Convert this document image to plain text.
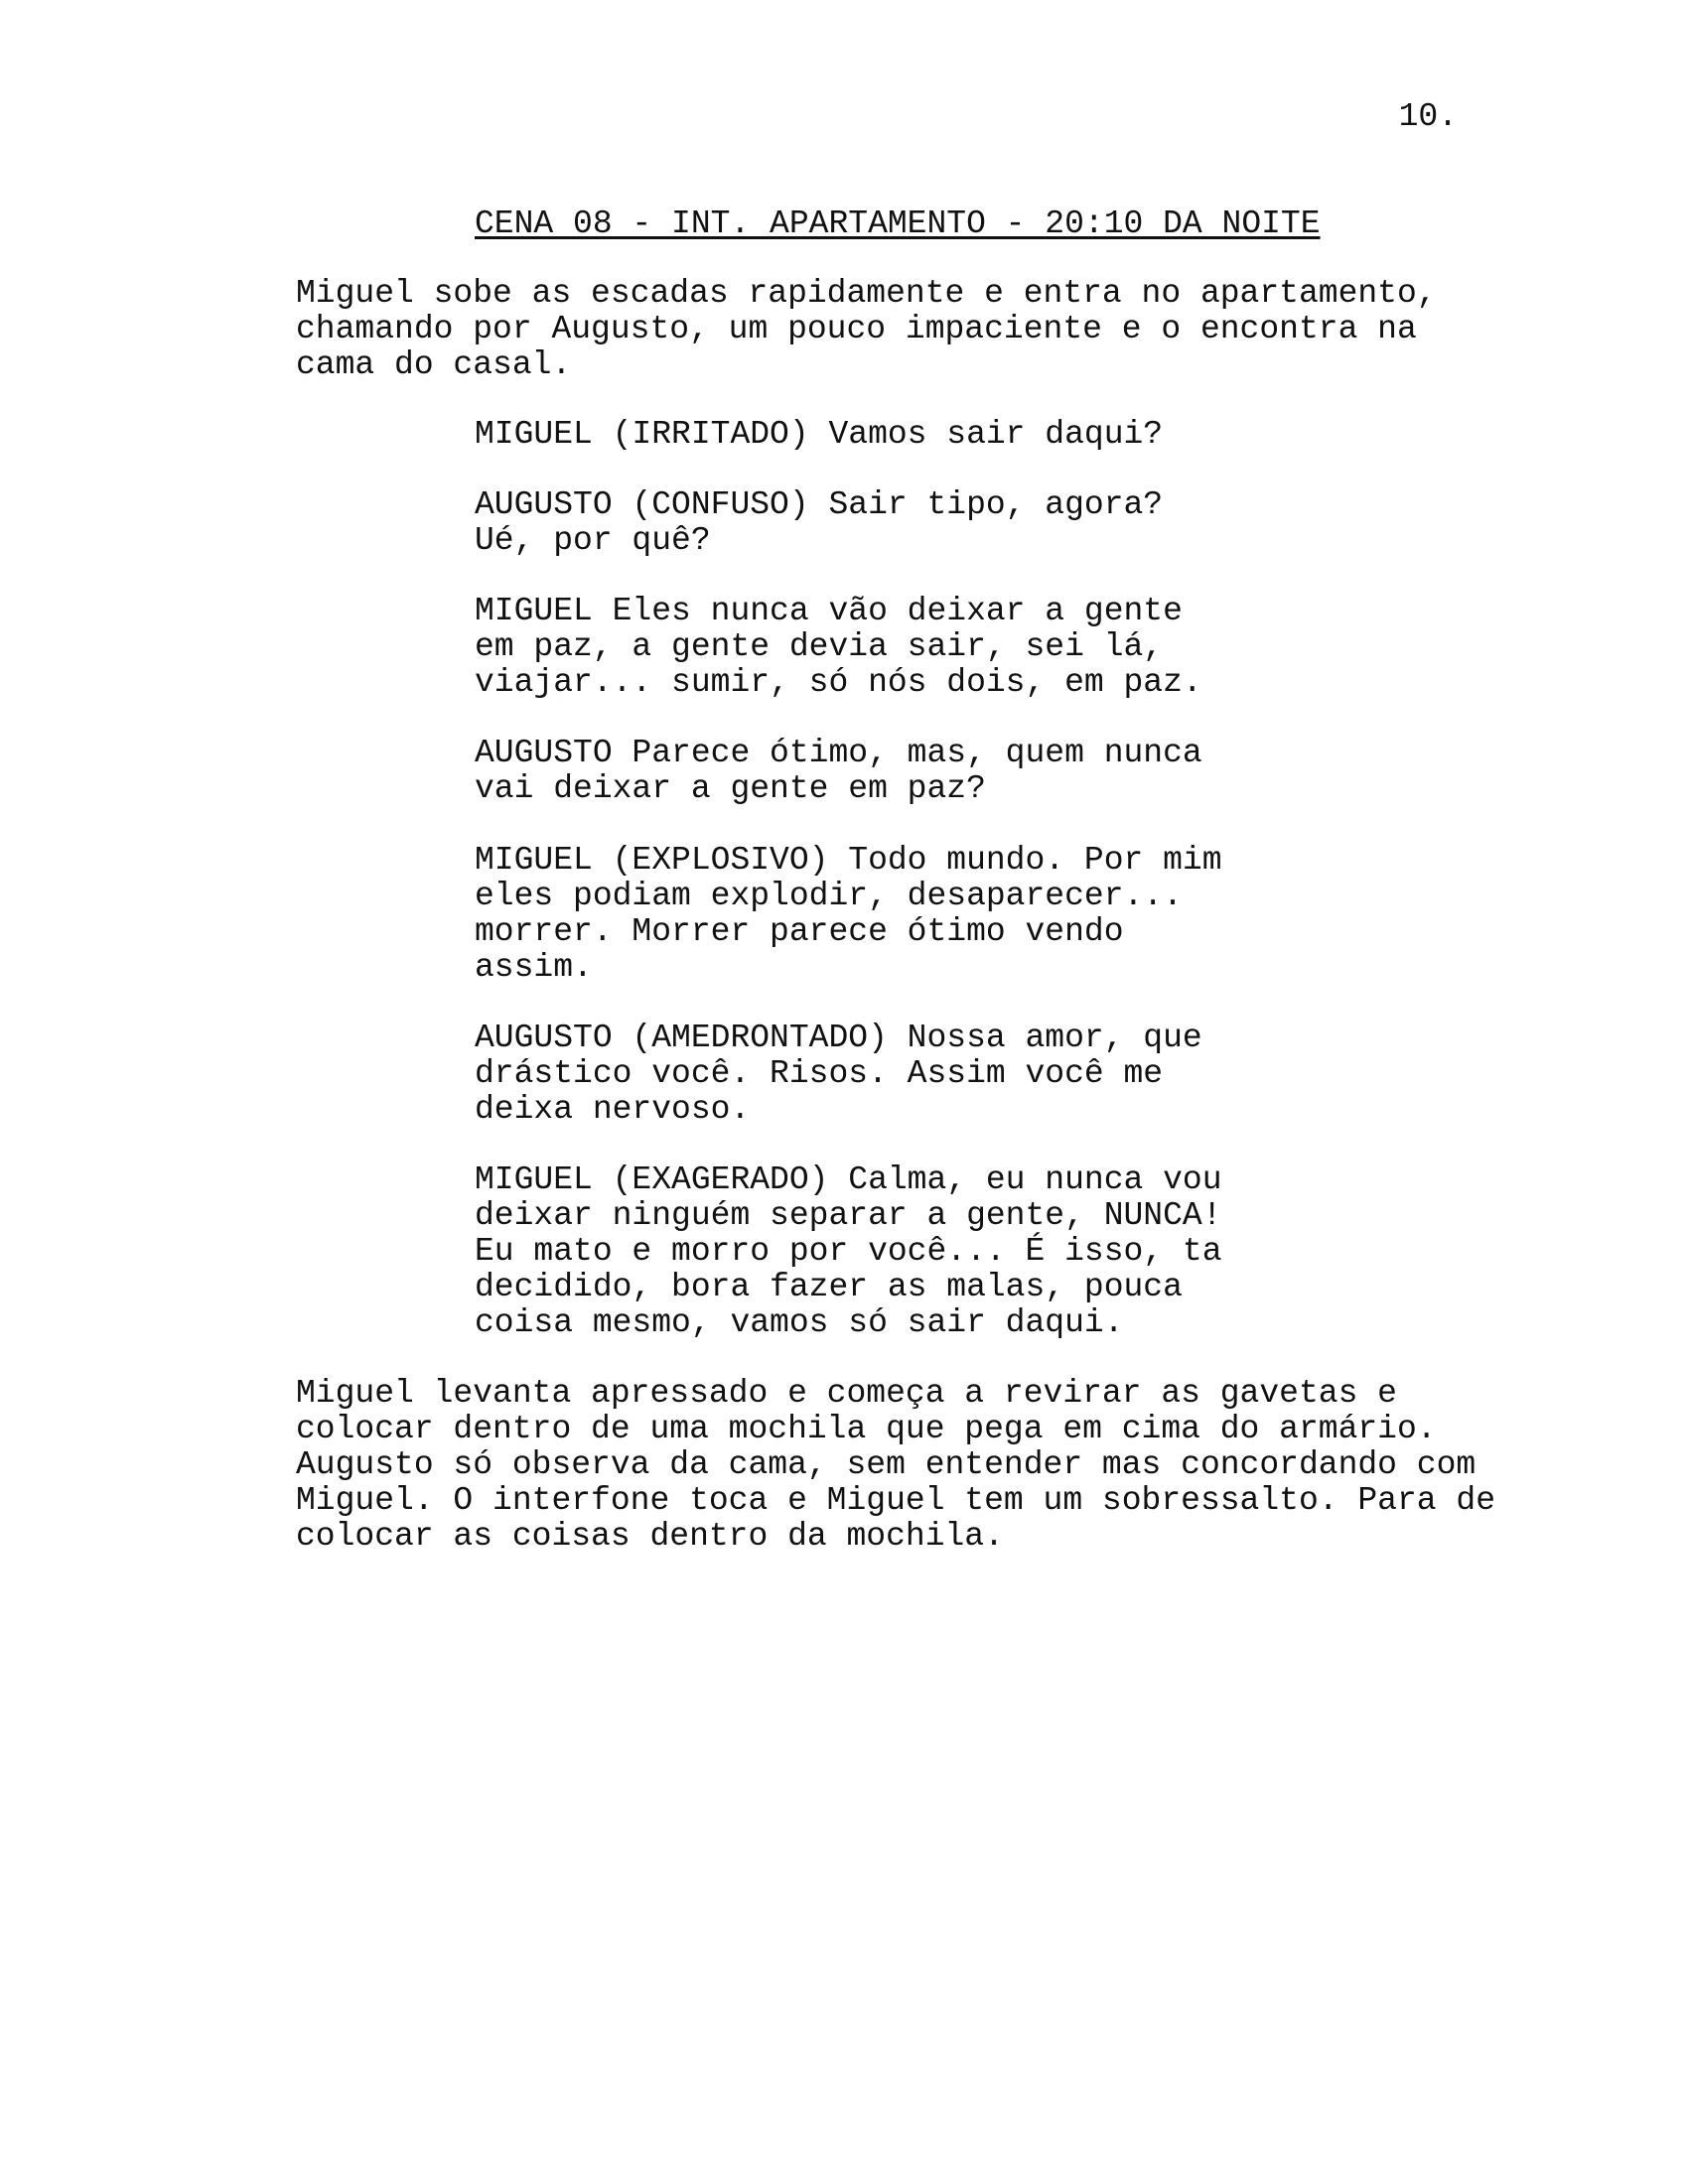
10.
CENA 08 - INT. APARTAMENTO - 20:10 DA NOITE
Miguel sobe as escadas rapidamente e entra no apartamento,
chamando por Augusto, um pouco impaciente e o encontra na
cama do casal.
MIGUEL (IRRITADO) Vamos sair daqui?
AUGUSTO (CONFUSO) Sair tipo, agora?
Ué, por quê?
MIGUEL Eles nunca vão deixar a gente
em paz, a gente devia sair, sei lá,
viajar... sumir, só nós dois, em paz.
AUGUSTO Parece ótimo, mas, quem nunca
vai deixar a gente em paz?
MIGUEL (EXPLOSIVO) Todo mundo. Por mim
eles podiam explodir, desaparecer...
morrer. Morrer parece ótimo vendo
assim.
AUGUSTO (AMEDRONTADO) Nossa amor, que
drástico você. Risos. Assim você me
deixa nervoso.
MIGUEL (EXAGERADO) Calma, eu nunca vou
deixar ninguém separar a gente, NUNCA!
Eu mato e morro por você... É isso, ta
decidido, bora fazer as malas, pouca
coisa mesmo, vamos só sair daqui.
Miguel levanta apressado e começa a revirar as gavetas e
colocar dentro de uma mochila que pega em cima do armário.
Augusto só observa da cama, sem entender mas concordando com
Miguel. O interfone toca e Miguel tem um sobressalto. Para de
colocar as coisas dentro da mochila.
